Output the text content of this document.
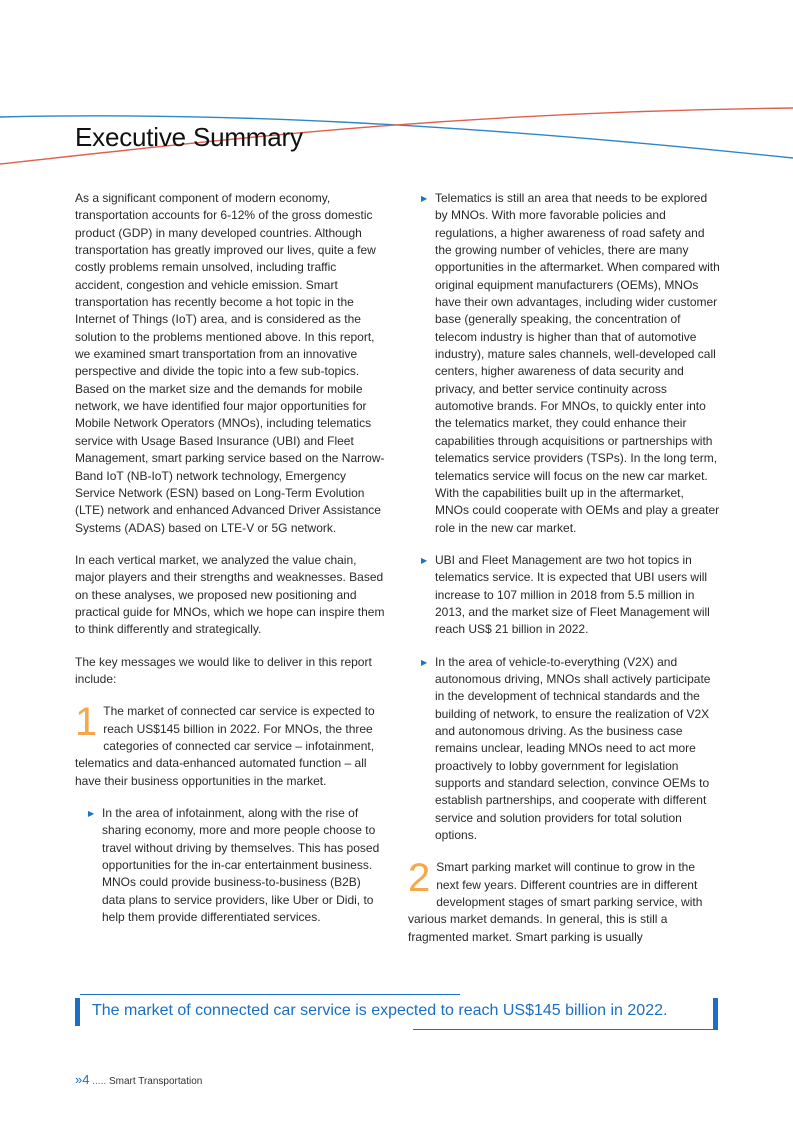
Executive Summary

As a significant component of modern economy, transportation accounts for 6-12% of the gross domestic product (GDP) in many developed countries. Although transportation has greatly improved our lives, quite a few costly problems remain unsolved, including traffic accident, congestion and vehicle emission. Smart transportation has recently become a hot topic in the Internet of Things (IoT) area, and is considered as the solution to the problems mentioned above. In this report, we examined smart transportation from an innovative perspective and divide the topic into a few sub-topics. Based on the market size and the demands for mobile network, we have identified four major opportunities for Mobile Network Operators (MNOs), including telematics service with Usage Based Insurance (UBI) and Fleet Management, smart parking service based on the Narrow-Band IoT (NB-IoT) network technology, Emergency Service Network (ESN) based on Long-Term Evolution (LTE) network and enhanced Advanced Driver Assistance Systems (ADAS) based on LTE-V or 5G network.

In each vertical market, we analyzed the value chain, major players and their strengths and weaknesses. Based on these analyses, we proposed new positioning and practical guide for MNOs, which we hope can inspire them to think differently and strategically.

The key messages we would like to deliver in this report include:

1 The market of connected car service is expected to reach US$145 billion in 2022. For MNOs, the three categories of connected car service – infotainment, telematics and data-enhanced automated function – all have their business opportunities in the market.
▶ In the area of infotainment, along with the rise of sharing economy, more and more people choose to travel without driving by themselves. This has posed opportunities for the in-car entertainment business. MNOs could provide business-to-business (B2B) data plans to service providers, like Uber or Didi, to help them provide differentiated services.
▶ Telematics is still an area that needs to be explored by MNOs. With more favorable policies and regulations, a higher awareness of road safety and the growing number of vehicles, there are many opportunities in the aftermarket. When compared with original equipment manufacturers (OEMs), MNOs have their own advantages, including wider customer base (generally speaking, the concentration of telecom industry is higher than that of automotive industry), mature sales channels, well-developed call centers, higher awareness of data security and privacy, and better service continuity across automotive brands. For MNOs, to quickly enter into the telematics market, they could enhance their capabilities through acquisitions or partnerships with telematics service providers (TSPs). In the long term, telematics service will focus on the new car market. With the capabilities built up in the aftermarket, MNOs could cooperate with OEMs and play a greater role in the new car market.
▶ UBI and Fleet Management are two hot topics in telematics service. It is expected that UBI users will increase to 107 million in 2018 from 5.5 million in 2013, and the market size of Fleet Management will reach US$ 21 billion in 2022.
▶ In the area of vehicle-to-everything (V2X) and autonomous driving, MNOs shall actively participate in the development of technical standards and the building of network, to ensure the realization of V2X and autonomous driving. As the business case remains unclear, leading MNOs need to act more proactively to lobby government for legislation supports and standard selection, convince OEMs to establish partnerships, and cooperate with different service and solution providers for total solution options.
2 Smart parking market will continue to grow in the next few years. Different countries are in different development stages of smart parking service, with various market demands. In general, this is still a fragmented market. Smart parking is usually
The market of connected car service is expected to reach US$145 billion in 2022.
»4 ..... Smart Transportation
